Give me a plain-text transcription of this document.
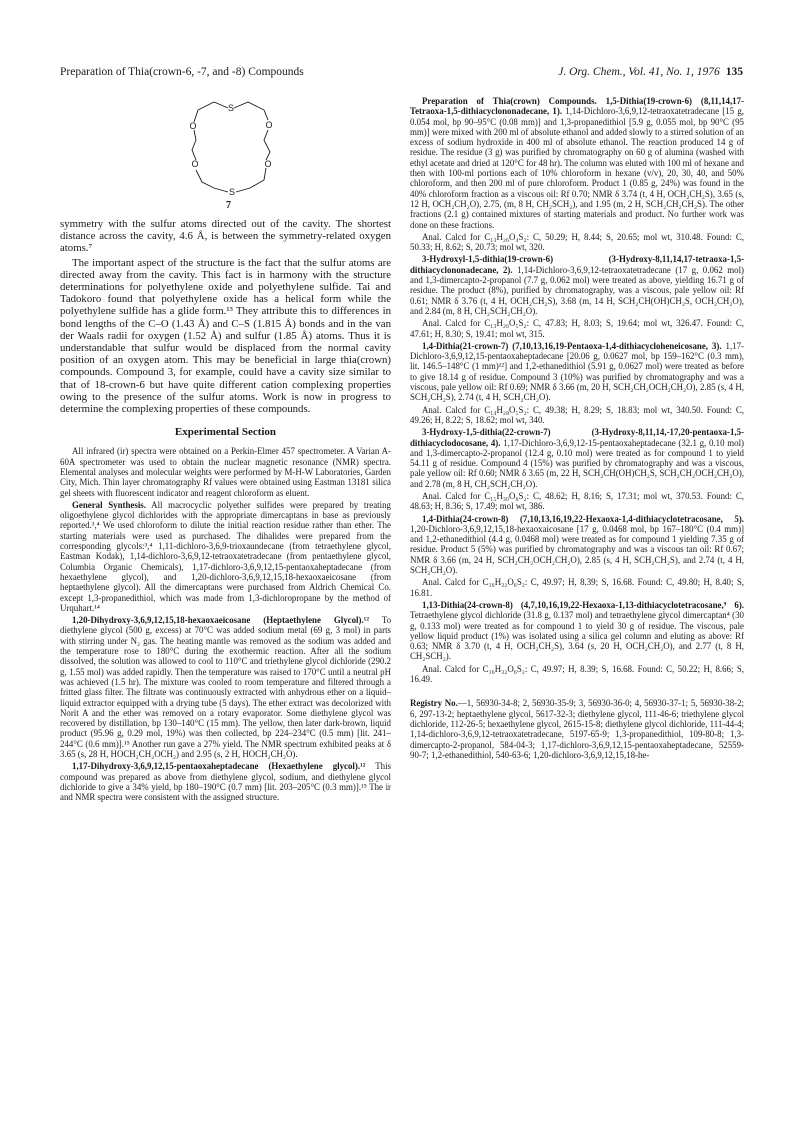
Preparation of Thia(crown-6, -7, and -8) Compounds	J. Org. Chem., Vol. 41, No. 1, 1976 135
S
O
O
S
O
O
7

symmetry with the sulfur atoms directed out of the cavity. The shortest distance across the cavity, 4.6 Å, is between the symmetry-related oxygen atoms.⁷

The important aspect of the structure is the fact that the sulfur atoms are directed away from the cavity. This fact is in harmony with the structure determinations for polyethylene oxide and polyethylene sulfide. Tai and Tadokoro found that polyethylene oxide has a helical form while the polyethylene sulfide has a glide form.¹³ They attribute this to differences in bond lengths of the C–O (1.43 Å) and C–S (1.815 Å) bonds and in the van der Waals radii for oxygen (1.52 Å) and sulfur (1.85 Å) atoms. Thus it is understandable that sulfur would be displaced from the normal cavity position of an oxygen atom. This may be beneficial in large thia(crown) compounds. Compound 3, for example, could have a cavity size similar to that of 18-crown-6 but have quite different cation complexing properties owing to the presence of the sulfur atoms. Work is now in progress to determine the complexing properties of these compounds.

Experimental Section

All infrared (ir) spectra were obtained on a Perkin-Elmer 457 spectrometer. A Varian A-60A spectrometer was used to obtain the nuclear magnetic resonance (NMR) spectra. Elemental analyses and molecular weights were performed by M-H-W Laboratories, Garden City, Mich. Thin layer chromatography Rf values were obtained using Eastman 13181 silica gel sheets with fluorescent indicator and reagent chloroform as eluent.

General Synthesis. All macrocyclic polyether sulfides were prepared by treating oligoethylene glycol dichlorides with the appropriate dimercaptans in base as previously reported.³,⁴ We used chloroform to dilute the initial reaction residue rather than ether. The starting materials were used as purchased. The dihalides were prepared from the corresponding glycols:³,⁴ 1,11-dichloro-3,6,9-trioxaundecane (from tetraethylene glycol, Eastman Kodak), 1,14-dichloro-3,6,9,12-tetraoxatetradecane (from pentaethylene glycol, Columbia Organic Chemicals), 1,17-dichloro-3,6,9,12,15-pentaoxaheptadecane (from hexaethylene glycol), and 1,20-dichloro-3,6,9,12,15,18-hexaoxaeicosane (from heptaethylene glycol). All the dimercaptans were purchased from Aldrich Chemical Co. except 1,3-propanedithiol, which was made from 1,3-dichloropropane by the method of Urquhart.¹⁴

1,20-Dihydroxy-3,6,9,12,15,18-hexaoxaeicosane (Heptaethylene Glycol).¹² To diethylene glycol (500 g, excess) at 70°C was added sodium metal (69 g, 3 mol) in parts with stirring under N₂ gas. The heating mantle was removed as the sodium was added and the temperature rose to 180°C during the exothermic reaction. After all the sodium dissolved, the solution was allowed to cool to 110°C and triethylene glycol dichloride (290.2 g, 1.55 mol) was added rapidly. Then the temperature was raised to 170°C until a neutral pH was achieved (1.5 hr). The mixture was cooled to room temperature and filtered through a fritted glass filter. The filtrate was continuously extracted with anhydrous ether on a liquid–liquid extractor equipped with a drying tube (5 days). The ether extract was decolorized with Norit A and the ether was removed on a rotary evaporator. Some diethylene glycol was recovered by distillation, bp 130–140°C (15 mm). The yellow, then later dark-brown, liquid product (95.96 g, 0.29 mol, 19%) was then collected, bp 224–234°C (0.5 mm) [lit. 241–244°C (0.6 mm)].¹⁵ Another run gave a 27% yield. The NMR spectrum exhibited peaks at δ 3.65 (s, 28 H, HOCH₂CH₂OCH₂) and 2.95 (s, 2 H, HOCH₂CH₂O).

1,17-Dihydroxy-3,6,9,12,15-pentaoxaheptadecane (Hexaethylene glycol).¹² This compound was prepared as above from diethylene glycol, sodium, and diethylene glycol dichloride to give a 34% yield, bp 180–190°C (0.7 mm) [lit. 203–205°C (0.3 mm)].¹⁵ The ir and NMR spectra were consistent with the assigned structure.

Preparation of Thia(crown) Compounds. 1,5-Dithia(19-crown-6) (8,11,14,17-Tetraoxa-1,5-dithiacyclononadecane, 1). 1,14-Dichloro-3,6,9,12-tetraoxatetradecane [15 g, 0.054 mol, bp 90–95°C (0.08 mm)] and 1,3-propanedithiol [5.9 g, 0.055 mol, bp 90°C (95 mm)] were mixed with 200 ml of absolute ethanol and added slowly to a stirred solution of an excess of sodium hydroxide in 400 ml of absolute ethanol. The reaction produced 14 g of residue. The residue (3 g) was purified by chromatography on 60 g of alumina (washed with ethyl acetate and dried at 120°C for 48 hr). The column was eluted with 100 ml of hexane and then with 100-ml portions each of 10% chloroform in hexane (v/v), 20, 30, 40, and 50% chloroform, and then 200 ml of pure chloroform. Product 1 (0.85 g, 24%) was found in the 40% chloroform fraction as a viscous oil: Rf 0.70; NMR δ 3.74 (t, 4 H, OCH₂CH₂S), 3.65 (s, 12 H, OCH₂CH₂O), 2.75, (m, 8 H, CH₂SCH₂), and 1.95 (m, 2 H, SCH₂CH₂CH₂S). The other fractions (2.1 g) contained mixtures of starting materials and product. No further work was done on these fractions.

Anal. Calcd for C₁₃H₂₆O₄S₂: C, 50.29; H, 8.44; S, 20.65; mol wt, 310.48. Found: C, 50.33; H, 8.62; S, 20.73; mol wt, 320.

3-Hydroxyl-1,5-dithia(19-crown-6) (3-Hydroxy-8,11,14,17-tetraoxa-1,5-dithiacyclononadecane, 2). 1,14-Dichloro-3,6,9,12-tetraoxatetradecane (17 g, 0.062 mol) and 1,3-dimercapto-2-propanol (7.7 g, 0.062 mol) were treated as above, yielding 16.71 g of residue. The product (8%), purified by chromatography, was a viscous, pale yellow oil: Rf 0.61; NMR δ 3.76 (t, 4 H, OCH₂CH₂S), 3.68 (m, 14 H, SCH₂CH(OH)CH₂S, OCH₂CH₂O), and 2.84 (m, 8 H, CH₂SCH₂CH₂O).

Anal. Calcd for C₁₃H₂₆O₅S₂: C, 47.83; H, 8.03; S, 19.64; mol wt, 326.47. Found: C, 47.61; H, 8.30; S, 19.41; mol wt, 315.

1,4-Dithia(21-crown-7) (7,10,13,16,19-Pentaoxa-1,4-dithiacycloheneicosane, 3). 1,17-Dichloro-3,6,9,12,15-pentaoxaheptadecane [20.06 g, 0.0627 mol, bp 159–162°C (0.3 mm), lit. 146.5–148°C (1 mm)¹²] and 1,2-ethanedithiol (5.91 g, 0.0627 mol) were treated as before to give 18.14 g of residue. Compound 3 (10%) was purified by chromatography and was a viscous, pale yellow oil: Rf 0.69; NMR δ 3.66 (m, 20 H, SCH₂CH₂OCH₂CH₂O), 2.85 (s, 4 H, SCH₂CH₂S), 2.74 (t, 4 H, SCH₂CH₂O).

Anal. Calcd for C₁₄H₂₈O₅S₂: C, 49.38; H, 8.29; S, 18.83; mol wt, 340.50. Found: C, 49.26; H, 8.22; S, 18.62; mol wt, 340.

3-Hydroxy-1,5-dithia(22-crown-7) (3-Hydroxy-8,11,14,-17,20-pentaoxa-1,5-dithiacyclodocosane, 4). 1,17-Dichloro-3,6,9,12-15-pentaoxaheptadecane (32.1 g, 0.10 mol) and 1,3-dimercapto-2-propanol (12.4 g, 0.10 mol) were treated as for compound 1 to yield 54.11 g of residue. Compound 4 (15%) was purified by chromatography and was a viscous, pale yellow oil: Rf 0.60; NMR δ 3.65 (m, 22 H, SCH₂CH(OH)CH₂S, SCH₂CH₂OCH₂CH₂O), and 2.78 (m, 8 H, CH₂SCH₂CH₂O).

Anal. Calcd for C₁₅H₃₀O₆S₂: C, 48.62; H, 8.16; S, 17.31; mol wt, 370.53. Found: C, 48.63; H, 8.36; S, 17.49; mol wt, 386.

1,4-Dithia(24-crown-8) (7,10,13,16,19,22-Hexaoxa-1,4-dithiacyclotetracosane, 5). 1,20-Dichloro-3,6,9,12,15,18-hexaoxaicosane [17 g, 0.0468 mol, bp 167–180°C (0.4 mm)] and 1,2-ethanedithiol (4.4 g, 0.0468 mol) were treated as for compound 1 yielding 7.35 g of residue. Product 5 (5%) was purified by chromatography and was a viscous tan oil: Rf 0.67; NMR δ 3.66 (m, 24 H, SCH₂CH₂OCH₂CH₂O), 2.85 (s, 4 H, SCH₂CH₂S), and 2.74 (t, 4 H, SCH₂CH₂O).

Anal. Calcd for C₁₆H₃₂O₆S₂: C, 49.97; H, 8.39; S, 16.68. Found: C, 49.80; H, 8.40; S, 16.81.

1,13-Dithia(24-crown-8) (4,7,10,16,19,22-Hexaoxa-1,13-dithiacyclotetracosane,⁹ 6). Tetraethylene glycol dichloride (31.8 g, 0.137 mol) and tetraethylene glycol dimercaptan⁴ (30 g, 0.133 mol) were treated as for compound 1 to yield 30 g of residue. The viscous, pale yellow liquid product (1%) was isolated using a silica gel column and eluting as above: Rf 0.63; NMR δ 3.70 (t, 4 H, OCH₂CH₂S), 3.64 (s, 20 H, OCH₂CH₂O), and 2.77 (t, 8 H, CH₂SCH₂).

Anal. Calcd for C₁₆H₃₂O₆S₂: C, 49.97; H, 8.39; S, 16.68. Found: C, 50.22; H, 8.66; S, 16.49.

Registry No.—1, 56930-34-8; 2, 56930-35-9; 3, 56930-36-0; 4, 56930-37-1; 5, 56930-38-2; 6, 297-13-2; heptaethylene glycol, 5617-32-3; diethylene glycol, 111-46-6; triethylene glycol dichloride, 112-26-5; hexaethylene glycol, 2615-15-8; diethylene glycol dichloride, 111-44-4; 1,14-dichloro-3,6,9,12-tetraoxatetradecane, 5197-65-9; 1,3-propanedithiol, 109-80-8; 1,3-dimercapto-2-propanol, 584-04-3; 1,17-dichloro-3,6,9,12,15-pentaoxaheptadecane, 52559-90-7; 1,2-ethanedithiol, 540-63-6; 1,20-dichloro-3,6,9,12,15,18-he-
